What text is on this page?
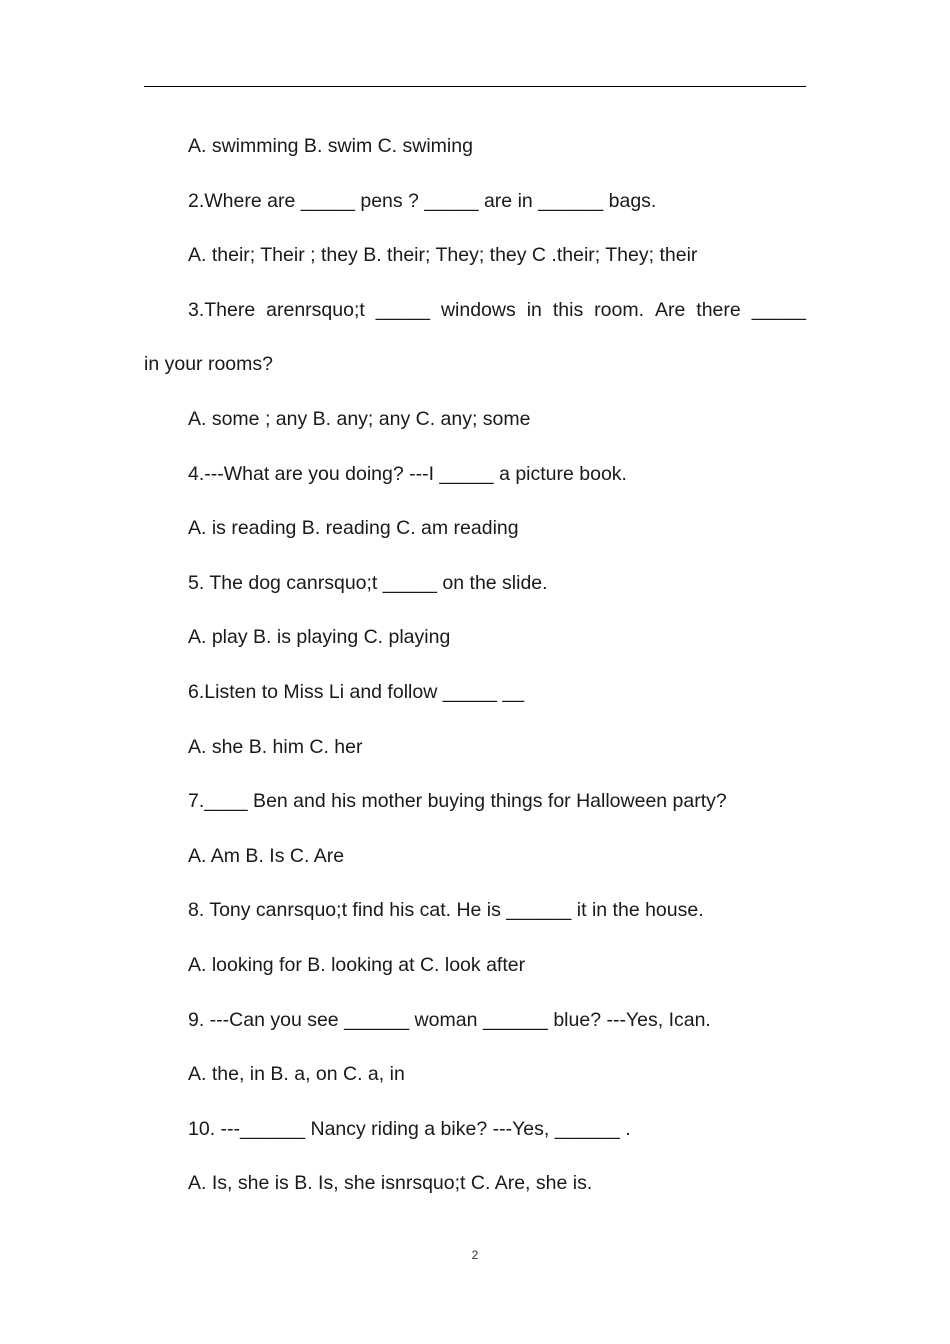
A. swimming B. swim C. swiming
2.Where are _____ pens ? _____ are in ______ bags.
A. their; Their ; they B. their; They; they C .their; They; their
3.There arenrsquo;t _____ windows in this room. Are there _____
in your rooms?
A. some ; any B. any; any C. any; some
4.---What are you doing? ---I _____ a picture book.
A. is reading B. reading C. am reading
5. The dog canrsquo;t _____ on the slide.
A. play B. is playing C. playing
6.Listen to Miss Li and follow _____ __
A. she B. him C. her
7.____ Ben and his mother buying things for Halloween party?
A. Am B. Is C. Are
8. Tony canrsquo;t find his cat. He is ______ it in the house.
A. looking for B. looking at C. look after
9. ---Can you see ______ woman ______ blue? ---Yes, Ican.
A. the, in B. a, on C. a, in
10. ---______ Nancy riding a bike? ---Yes, ______ .
A. Is, she is B. Is, she isnrsquo;t C. Are, she is.
2
